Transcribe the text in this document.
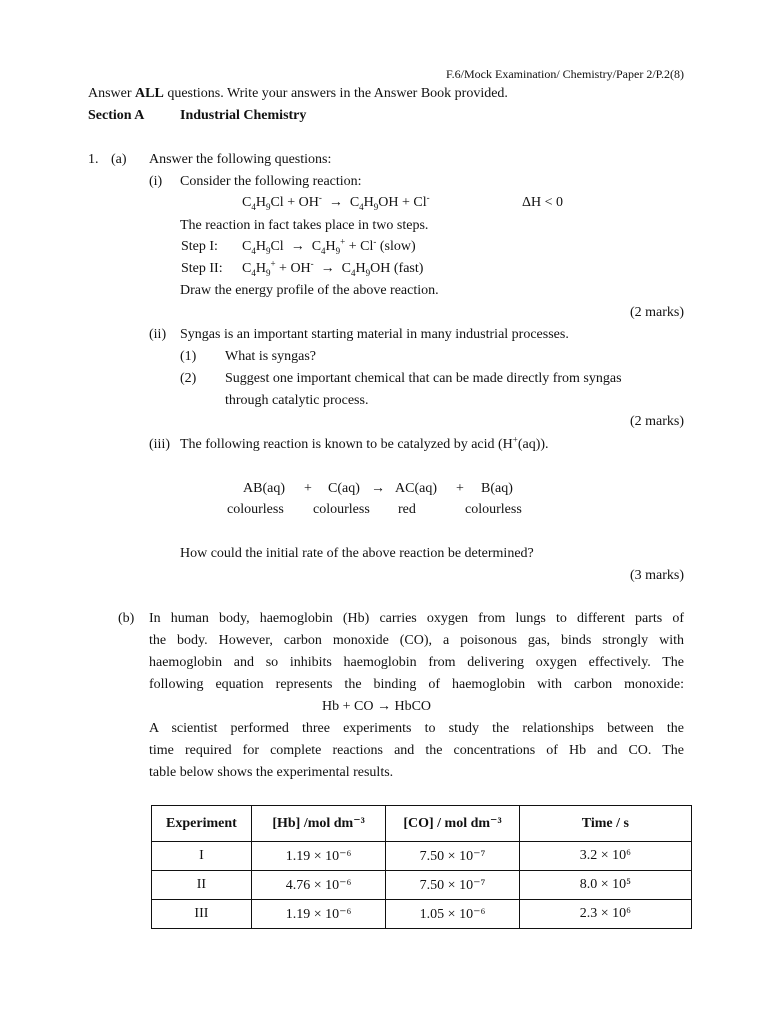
F.6/Mock Examination/ Chemistry/Paper 2/P.2(8)
Answer ALL questions. Write your answers in the Answer Book provided.
Section A	Industrial Chemistry
1. (a) Answer the following questions:
(i) Consider the following reaction:
$C_4H_9Cl + OH^- \to C_4H_9OH + Cl^-$	ΔH < 0
The reaction in fact takes place in two steps.
Step I: $C_4H_9Cl \to C_4H_9^+ + Cl^-$ (slow)
Step II: $C_4H_9^+ + OH^- \to C_4H_9OH$ (fast)
Draw the energy profile of the above reaction.
(2 marks)
(ii) Syngas is an important starting material in many industrial processes.
(1) What is syngas?
(2) Suggest one important chemical that can be made directly from syngas
through catalytic process.
(2 marks)
(iii) The following reaction is known to be catalyzed by acid (H+(aq)).
AB(aq) + C(aq) → AC(aq) + B(aq)
colourless colourless red	colourless
How could the initial rate of the above reaction be determined?
(3 marks)
(b) In human body, haemoglobin (Hb) carries oxygen from lungs to different parts of
the body. However, carbon monoxide (CO), a poisonous gas, binds strongly with
haemoglobin and so inhibits haemoglobin from delivering oxygen effectively. The
following equation represents the binding of haemoglobin with carbon monoxide:
Hb + CO → HbCO
A scientist performed three experiments to study the relationships between the
time required for complete reactions and the concentrations of Hb and CO. The
table below shows the experimental results.
Experiment	[Hb] /mol dm⁻³	[CO] / mol dm⁻³	Time / s
I	1.19 × 10⁻⁶	7.50 × 10⁻⁷	3.2 × 10⁶
II	4.76 × 10⁻⁶	7.50 × 10⁻⁷	8.0 × 10⁵
III	1.19 × 10⁻⁶	1.05 × 10⁻⁶	2.3 × 10⁶
